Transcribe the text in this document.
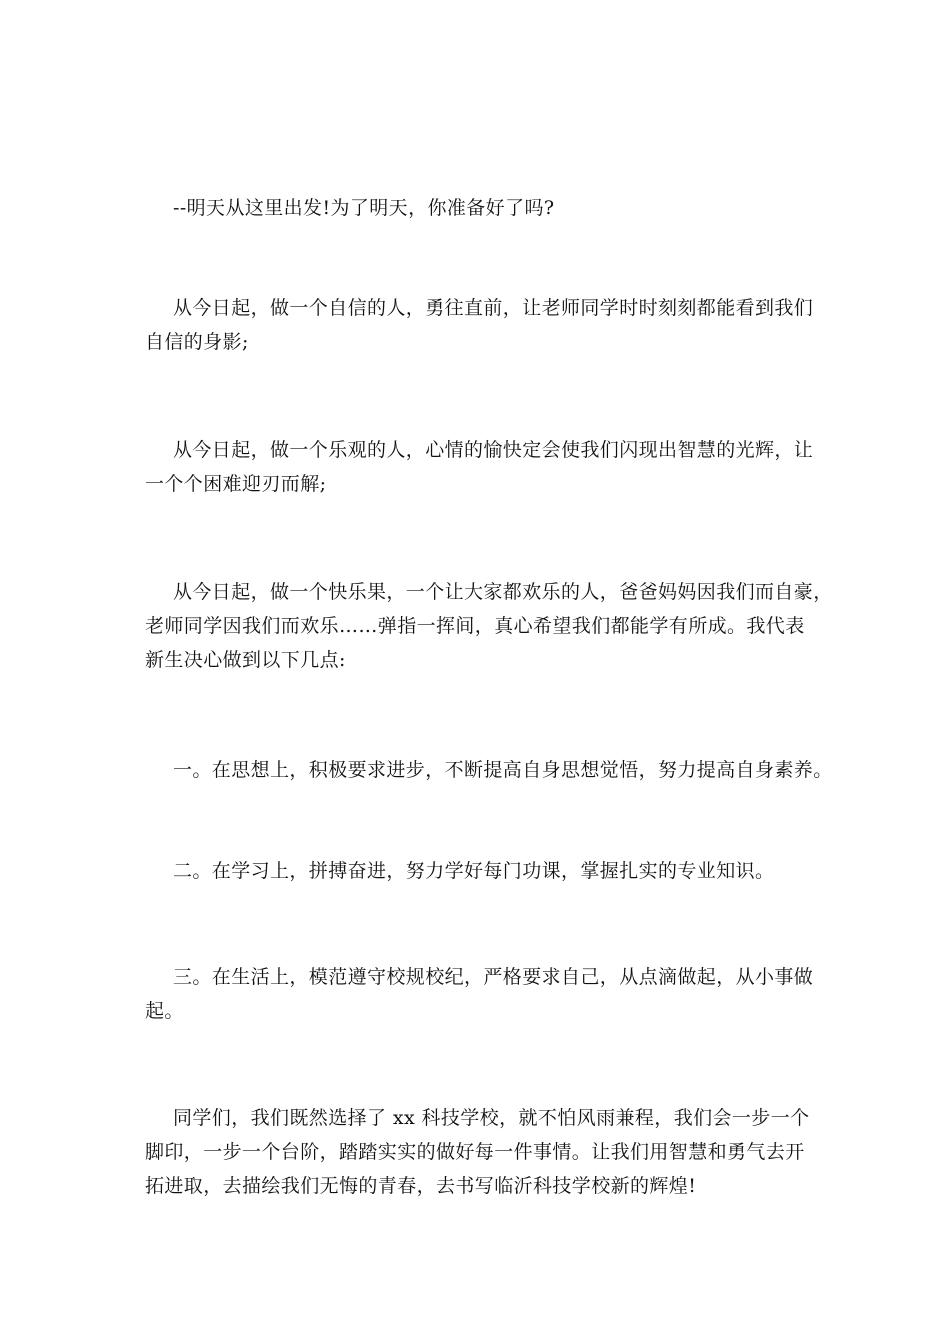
--明天从这里出发!为了明天，你准备好了吗?
从今日起，做一个自信的人，勇往直前，让老师同学时时刻刻都能看到我们
自信的身影;
从今日起，做一个乐观的人，心情的愉快定会使我们闪现出智慧的光辉，让
一个个困难迎刃而解;
从今日起，做一个快乐果，一个让大家都欢乐的人，爸爸妈妈因我们而自豪，
老师同学因我们而欢乐……弹指一挥间，真心希望我们都能学有所成。我代表
新生决心做到以下几点:
一。在思想上，积极要求进步，不断提高自身思想觉悟，努力提高自身素养。
二。在学习上，拼搏奋进，努力学好每门功课，掌握扎实的专业知识。
三。在生活上，模范遵守校规校纪，严格要求自己，从点滴做起，从小事做
起。
同学们，我们既然选择了 xx 科技学校，就不怕风雨兼程，我们会一步一个
脚印，一步一个台阶，踏踏实实的做好每一件事情。让我们用智慧和勇气去开
拓进取，去描绘我们无悔的青春，去书写临沂科技学校新的辉煌!
